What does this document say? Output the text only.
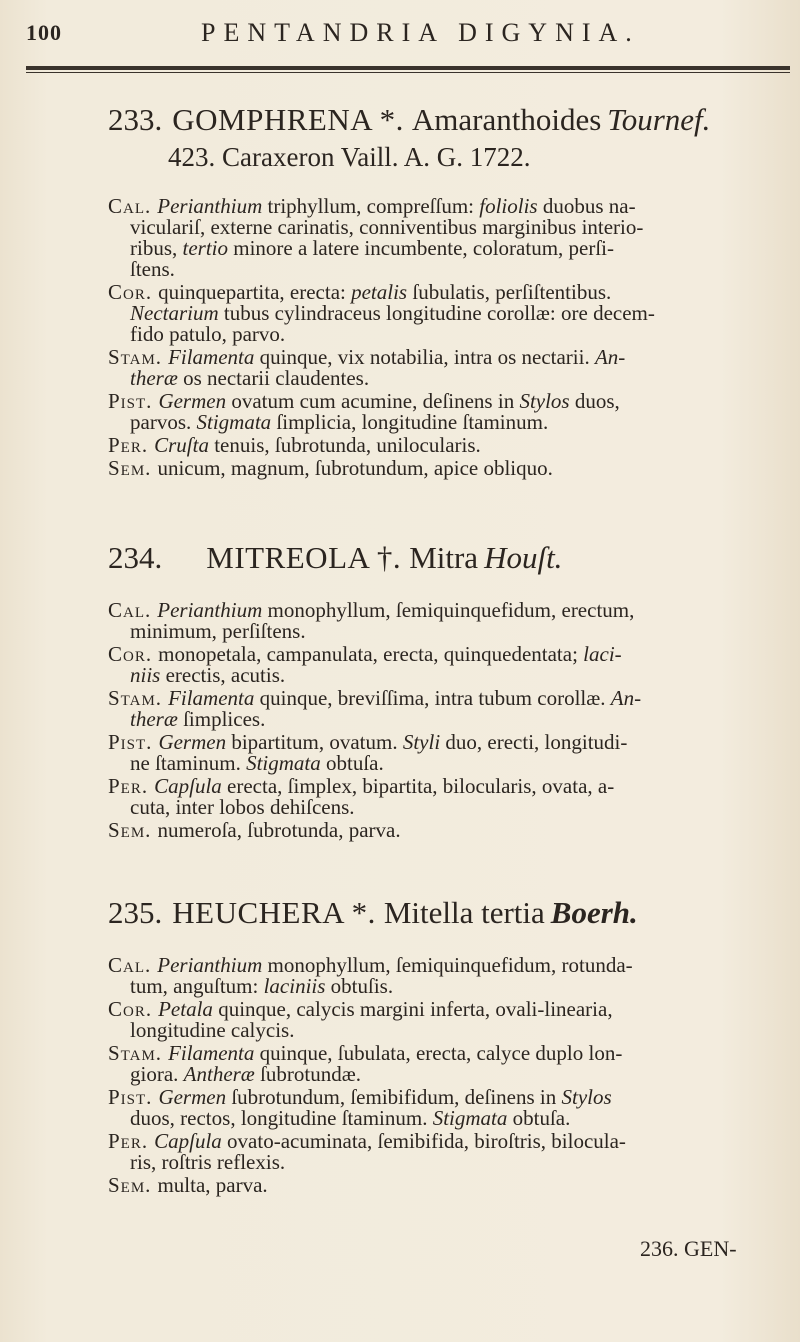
100	PENTANDRIA DIGYNIA.
233. GOMPHRENA *. Amaranthoides Tournef.
423. Caraxeron Vaill. A. G. 1722.
234. MITREOLA †. Mitra Houſt.
235. HEUCHERA *. Mitella tertia Boerh.
236. GEN-

Cal. Perianthium triphyllum, compreſſum: foliolis duobus na-

viculariſ, externe carinatis, conniventibus marginibus interio-

ribus, tertio minore a latere incumbente, coloratum, perſi-

ſtens.

Cor. quinquepartita, erecta: petalis ſubulatis, perſiſtentibus.

Nectarium tubus cylindraceus longitudine corollæ: ore decem-

fido patulo, parvo.

Stam. Filamenta quinque, vix notabilia, intra os nectarii. An-

theræ os nectarii claudentes.

Pist. Germen ovatum cum acumine, deſinens in Stylos duos,

parvos. Stigmata ſimplicia, longitudine ſtaminum.

Per. Cruſta tenuis, ſubrotunda, unilocularis.

Sem. unicum, magnum, ſubrotundum, apice obliquo.

Cal. Perianthium monophyllum, ſemiquinquefidum, erectum,

minimum, perſiſtens.

Cor. monopetala, campanulata, erecta, quinquedentata; laci-

niis erectis, acutis.

Stam. Filamenta quinque, breviſſima, intra tubum corollæ. An-

theræ ſimplices.

Pist. Germen bipartitum, ovatum. Styli duo, erecti, longitudi-

ne ſtaminum. Stigmata obtuſa.

Per. Capſula erecta, ſimplex, bipartita, bilocularis, ovata, a-

cuta, inter lobos dehiſcens.

Sem. numeroſa, ſubrotunda, parva.

Cal. Perianthium monophyllum, ſemiquinquefidum, rotunda-

tum, anguſtum: laciniis obtuſis.

Cor. Petala quinque, calycis margini inferta, ovali-linearia,

longitudine calycis.

Stam. Filamenta quinque, ſubulata, erecta, calyce duplo lon-

giora. Antheræ ſubrotundæ.

Pist. Germen ſubrotundum, ſemibifidum, deſinens in Stylos

duos, rectos, longitudine ſtaminum. Stigmata obtuſa.

Per. Capſula ovato-acuminata, ſemibifida, biroſtris, bilocula-

ris, roſtris reflexis.

Sem. multa, parva.
